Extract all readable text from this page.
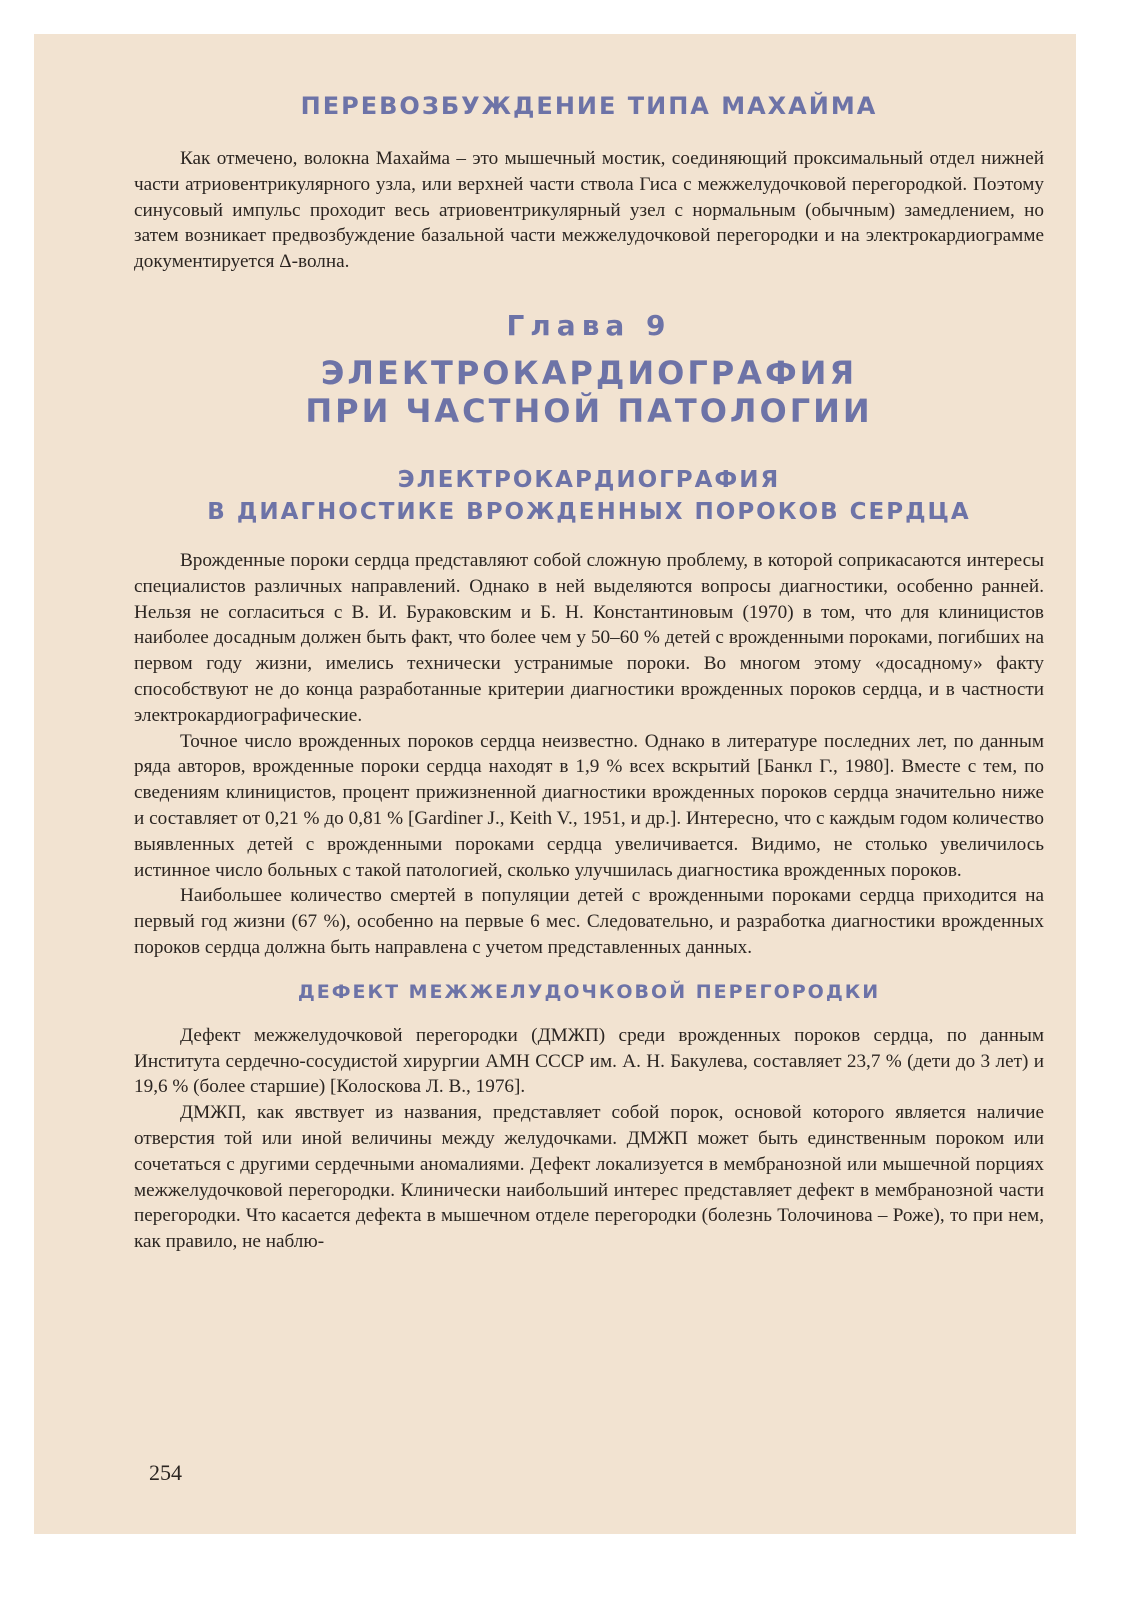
ПЕРЕВОЗБУЖДЕНИЕ ТИПА МАХАЙМА

Как отмечено, волокна Махайма – это мышечный мостик, соединяющий проксимальный отдел нижней части атриовентрикулярного узла, или верхней части ствола Гиса с межжелудочковой перегородкой. Поэтому синусовый импульс проходит весь атриовентрикулярный узел с нормальным (обычным) замедлением, но затем возникает предвозбуждение базальной части межжелудочковой перегородки и на электрокардиограмме документируется Δ-волна.

Глава 9
ЭЛЕКТРОКАРДИОГРАФИЯ
ПРИ ЧАСТНОЙ ПАТОЛОГИИ
ЭЛЕКТРОКАРДИОГРАФИЯ
В ДИАГНОСТИКЕ ВРОЖДЕННЫХ ПОРОКОВ СЕРДЦА

Врожденные пороки сердца представляют собой сложную проблему, в которой соприкасаются интересы специалистов различных направлений. Однако в ней выделяются вопросы диагностики, особенно ранней. Нельзя не согласиться с В. И. Бураковским и Б. Н. Константиновым (1970) в том, что для клиницистов наиболее досадным должен быть факт, что более чем у 50–60 % детей с врожденными пороками, погибших на первом году жизни, имелись технически устранимые пороки. Во многом этому «досадному» факту способствуют не до конца разработанные критерии диагностики врожденных пороков сердца, и в частности электрокардиографические.

Точное число врожденных пороков сердца неизвестно. Однако в литературе последних лет, по данным ряда авторов, врожденные пороки сердца находят в 1,9 % всех вскрытий [Банкл Г., 1980]. Вместе с тем, по сведениям клиницистов, процент прижизненной диагностики врожденных пороков сердца значительно ниже и составляет от 0,21 % до 0,81 % [Gardiner J., Keith V., 1951, и др.]. Интересно, что с каждым годом количество выявленных детей с врожденными пороками сердца увеличивается. Видимо, не столько увеличилось истинное число больных с такой патологией, сколько улучшилась диагностика врожденных пороков.

Наибольшее количество смертей в популяции детей с врожденными пороками сердца приходится на первый год жизни (67 %), особенно на первые 6 мес. Следовательно, и разработка диагностики врожденных пороков сердца должна быть направлена с учетом представленных данных.

ДЕФЕКТ МЕЖЖЕЛУДОЧКОВОЙ ПЕРЕГОРОДКИ

Дефект межжелудочковой перегородки (ДМЖП) среди врожденных пороков сердца, по данным Института сердечно-сосудистой хирургии АМН СССР им. А. Н. Бакулева, составляет 23,7 % (дети до 3 лет) и 19,6 % (более старшие) [Колоскова Л. В., 1976].

ДМЖП, как явствует из названия, представляет собой порок, основой которого является наличие отверстия той или иной величины между желудочками. ДМЖП может быть единственным пороком или сочетаться с другими сердечными аномалиями. Дефект локализуется в мембранозной или мышечной порциях межжелудочковой перегородки. Клинически наибольший интерес представляет дефект в мембранозной части перегородки. Что касается дефекта в мышечном отделе перегородки (болезнь Толочинова – Роже), то при нем, как правило, не наблю-

254
